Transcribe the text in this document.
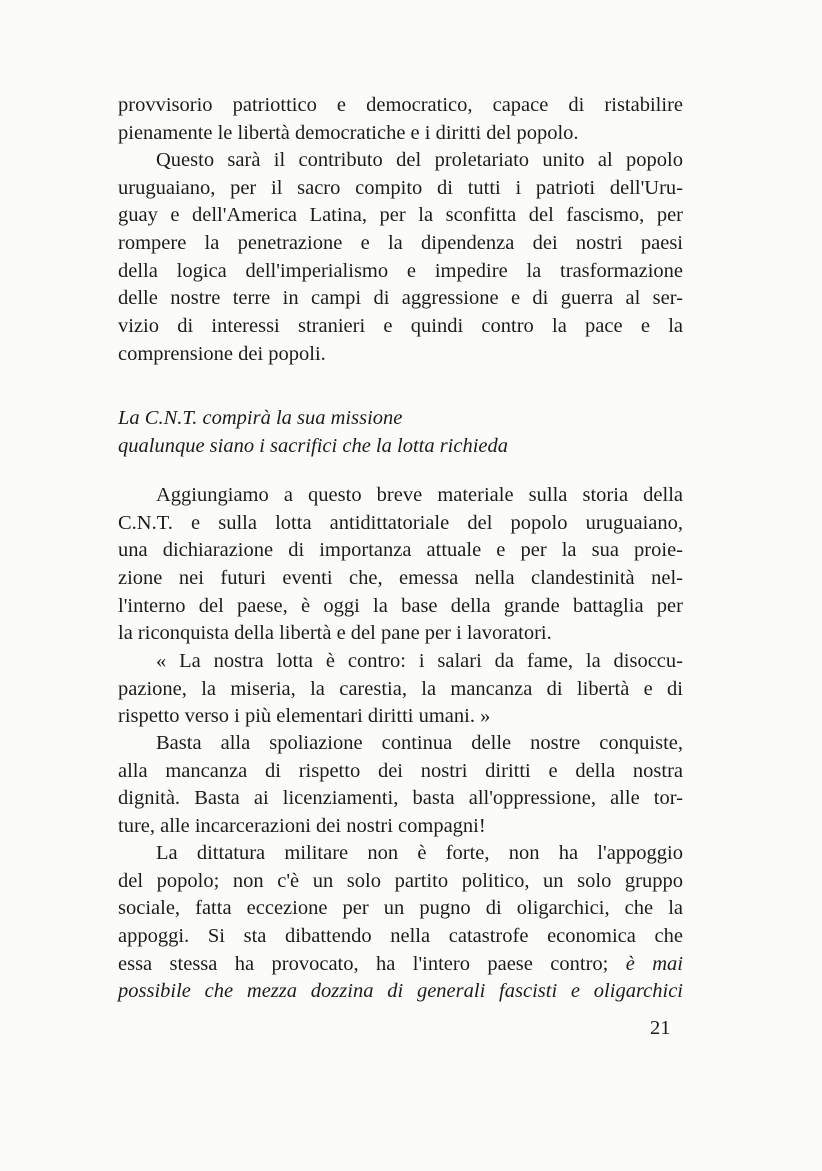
provvisorio patriottico e democratico, capace di ristabilire
pienamente le libertà democratiche e i diritti del popolo.
Questo sarà il contributo del proletariato unito al popolo
uruguaiano, per il sacro compito di tutti i patrioti dell'Uru-
guay e dell'America Latina, per la sconfitta del fascismo, per
rompere la penetrazione e la dipendenza dei nostri paesi
della logica dell'imperialismo e impedire la trasformazione
delle nostre terre in campi di aggressione e di guerra al ser-
vizio di interessi stranieri e quindi contro la pace e la
comprensione dei popoli.
La C.N.T. compirà la sua missione
qualunque siano i sacrifici che la lotta richieda
Aggiungiamo a questo breve materiale sulla storia della
C.N.T. e sulla lotta antidittatoriale del popolo uruguaiano,
una dichiarazione di importanza attuale e per la sua proie-
zione nei futuri eventi che, emessa nella clandestinità nel-
l'interno del paese, è oggi la base della grande battaglia per
la riconquista della libertà e del pane per i lavoratori.
« La nostra lotta è contro: i salari da fame, la disoccu-
pazione, la miseria, la carestia, la mancanza di libertà e di
rispetto verso i più elementari diritti umani. »
Basta alla spoliazione continua delle nostre conquiste,
alla mancanza di rispetto dei nostri diritti e della nostra
dignità. Basta ai licenziamenti, basta all'oppressione, alle tor-
ture, alle incarcerazioni dei nostri compagni!
La dittatura militare non è forte, non ha l'appoggio
del popolo; non c'è un solo partito politico, un solo gruppo
sociale, fatta eccezione per un pugno di oligarchici, che la
appoggi. Si sta dibattendo nella catastrofe economica che
essa stessa ha provocato, ha l'intero paese contro; è mai
possibile che mezza dozzina di generali fascisti e oligarchici
21
